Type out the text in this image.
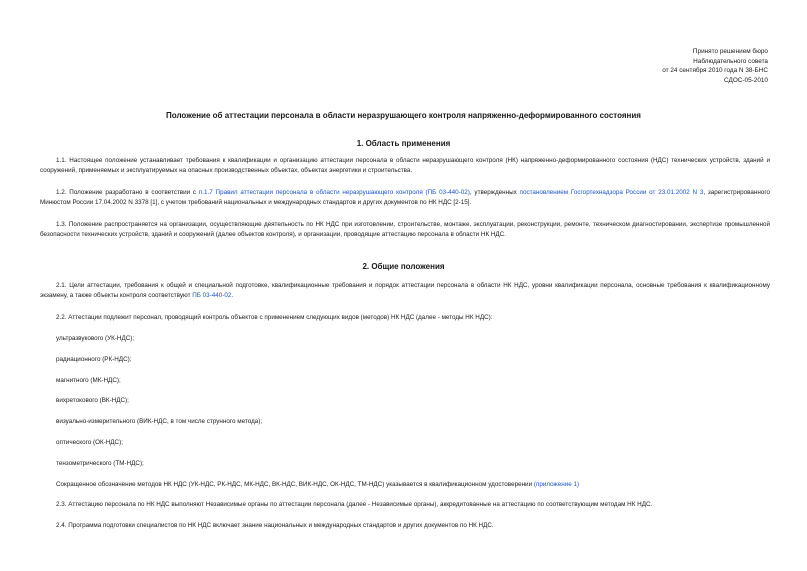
Принято решением бюро
Наблюдательного совета
от 24 сентября 2010 года N 38-БНС
СДОС-05-2010
Положение об аттестации персонала в области неразрушающего контроля напряженно-деформированного состояния
1. Область применения
1.1. Настоящее положение устанавливает требования к квалификации и организацию аттестации персонала в области неразрушающего контроля (НК) напряженно-деформированного состояния (НДС) технических устройств, зданий и сооружений, применяемых и эксплуатируемых на опасных производственных объектах, объектах энергетики и строительства.
1.2. Положение разработано в соответствии с п.1.7 Правил аттестации персонала в области неразрушающего контроля (ПБ 03-440-02), утвержденных постановлением Госгортехнадзора России от 23.01.2002 N 3, зарегистрированного Минюстом России 17.04.2002 N 3378 [1], с учетом требований национальных и международных стандартов и других документов по НК НДС [2-15].
1.3. Положение распространяется на организации, осуществляющие деятельность по НК НДС при изготовлении, строительстве, монтаже, эксплуатации, реконструкции, ремонте, техническом диагностировании, экспертизе промышленной безопасности технических устройств, зданий и сооружений (далее объектов контроля), и организации, проводящие аттестацию персонала в области НК НДС.
2. Общие положения
2.1. Цели аттестации, требования к общей и специальной подготовке, квалификационные требования и порядок аттестации персонала в области НК НДС, уровни квалификации персонала, основные требования к квалификационному экзамену, а также объекты контроля соответствуют ПБ 03-440-02.
2.2. Аттестации подлежит персонал, проводящий контроль объектов с применением следующих видов (методов) НК НДС (далее - методы НК НДС):
ультразвукового (УК-НДС);
радиационного (РК-НДС);
магнитного (МК-НДС);
вихретокового (ВК-НДС);
визуально-измерительного (ВИК-НДС, в том числе струнного метода);
оптического (ОК-НДС);
тензометрического (ТМ-НДС);
Сокращенное обозначение методов НК НДС (УК-НДС, РК-НДС, МК-НДС, ВК-НДС, ВИК-НДС, ОК-НДС, ТМ-НДС) указывается в квалификационном удостоверении (приложение 1)
2.3. Аттестацию персонала по НК НДС выполняют Независимые органы по аттестации персонала (далее - Независимые органы), аккредитованные на аттестацию по соответствующим методам НК НДС.
2.4. Программа подготовки специалистов по НК НДС включает знание национальных и международных стандартов и других документов по НК НДС.
